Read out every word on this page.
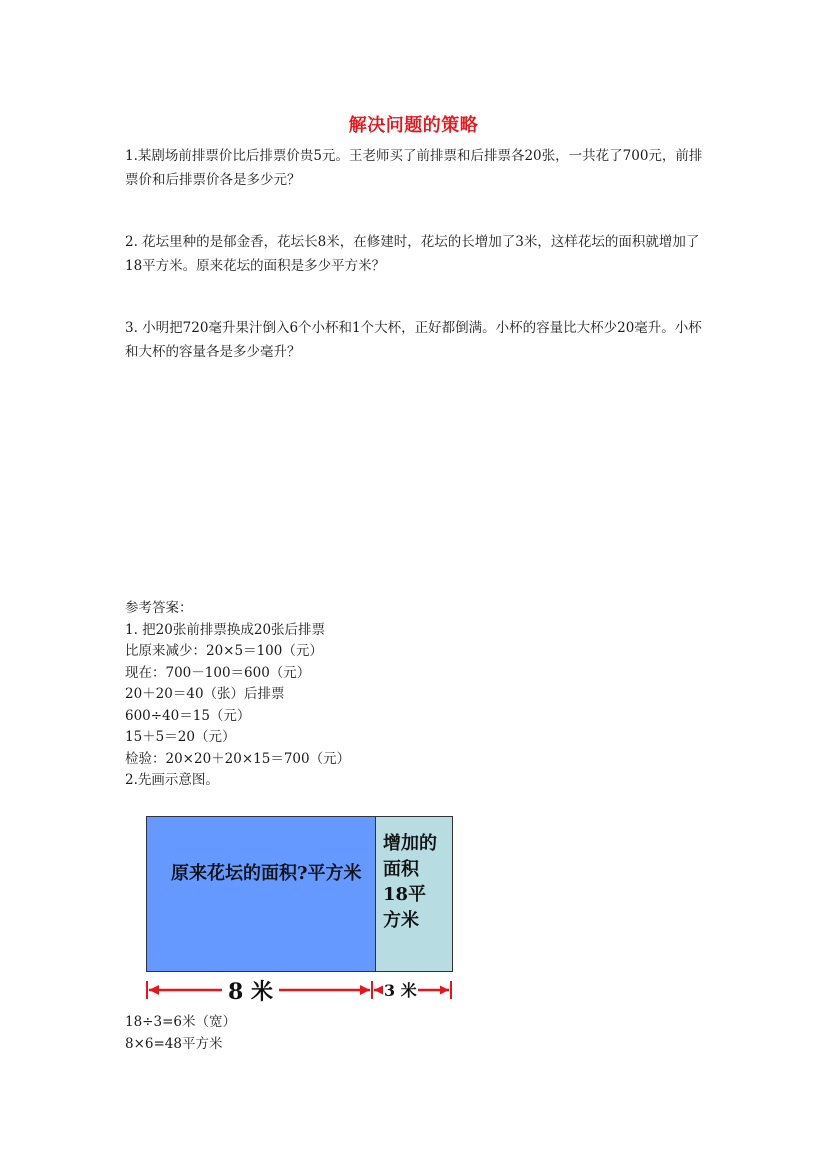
解决问题的策略
1.某剧场前排票价比后排票价贵5元。王老师买了前排票和后排票各20张，一共花了700元，前排票价和后排票价各是多少元？
2. 花坛里种的是郁金香，花坛长8米，在修建时，花坛的长增加了3米，这样花坛的面积就增加了18平方米。原来花坛的面积是多少平方米？
3. 小明把720毫升果汁倒入6个小杯和1个大杯，正好都倒满。小杯的容量比大杯少20毫升。小杯和大杯的容量各是多少毫升？
参考答案：
1. 把20张前排票换成20张后排票
比原来减少：20×5＝100（元）
现在：700－100＝600（元）
20＋20＝40（张）后排票
600÷40＝15（元）
15＋5＝20（元）
检验：20×20＋20×15＝700（元）
2.先画示意图。
原来花坛的面积?平方米
增加的面积18平方米
8 米	3 米
18÷3=6米（宽）
8×6=48平方米
